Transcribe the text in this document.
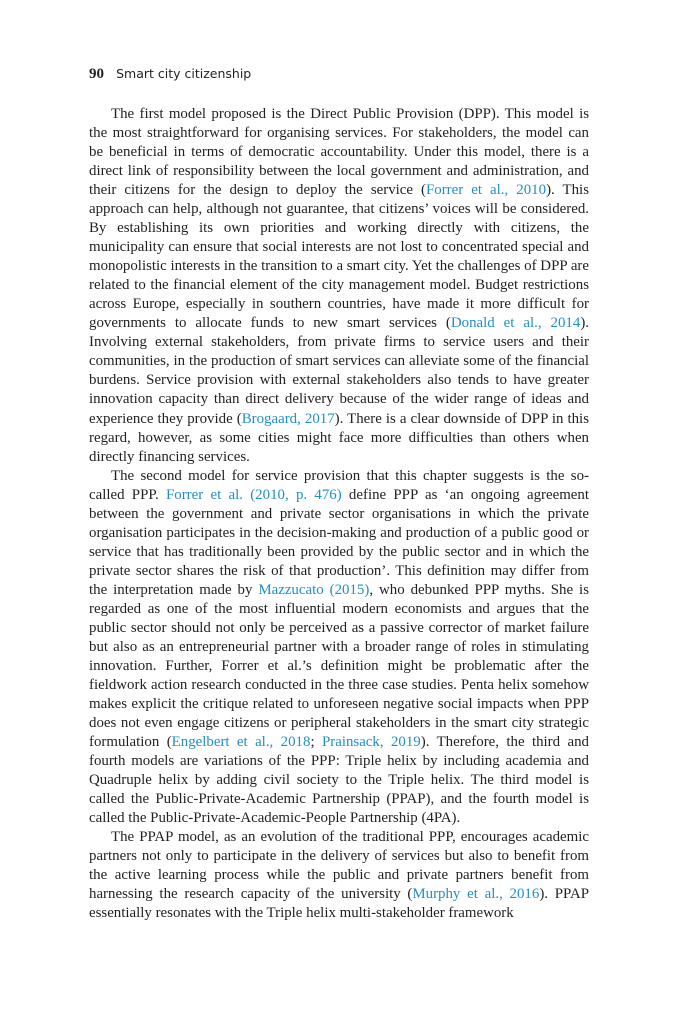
90 Smart city citizenship

The first model proposed is the Direct Public Provision (DPP). This model is the most straightforward for organising services. For stakeholders, the model can be beneficial in terms of democratic accountability. Under this model, there is a direct link of responsibility between the local government and administration, and their citizens for the design to deploy the service (Forrer et al., 2010). This approach can help, although not guarantee, that citizens’ voices will be considered. By establishing its own priorities and working directly with citizens, the municipality can ensure that social interests are not lost to concentrated special and monopolistic interests in the transition to a smart city. Yet the challenges of DPP are related to the financial element of the city management model. Budget restrictions across Europe, especially in southern countries, have made it more difficult for governments to allocate funds to new smart services (Donald et al., 2014). Involving external stakeholders, from private firms to service users and their communities, in the production of smart services can alleviate some of the financial burdens. Service provision with external stakeholders also tends to have greater innovation capacity than direct delivery because of the wider range of ideas and experience they provide (Brogaard, 2017). There is a clear downside of DPP in this regard, however, as some cities might face more difficulties than others when directly financing services.

The second model for service provision that this chapter suggests is the so-called PPP. Forrer et al. (2010, p. 476) define PPP as ‘an ongoing agreement between the government and private sector organisations in which the private organisation participates in the decision-making and production of a public good or service that has traditionally been provided by the public sector and in which the private sector shares the risk of that production’. This definition may differ from the interpretation made by Mazzucato (2015), who debunked PPP myths. She is regarded as one of the most influential modern economists and argues that the public sector should not only be perceived as a passive corrector of market failure but also as an entrepreneurial partner with a broader range of roles in stimulating innovation. Further, Forrer et al.’s definition might be problematic after the fieldwork action research conducted in the three case studies. Penta helix somehow makes explicit the critique related to unforeseen negative social impacts when PPP does not even engage citizens or peripheral stakeholders in the smart city strategic formulation (Engelbert et al., 2018; Prainsack, 2019). Therefore, the third and fourth models are variations of the PPP: Triple helix by including academia and Quadruple helix by adding civil society to the Triple helix. The third model is called the Public-Private-Academic Partnership (PPAP), and the fourth model is called the Public-Private-Academic-People Partnership (4PA).

The PPAP model, as an evolution of the traditional PPP, encourages academic partners not only to participate in the delivery of services but also to benefit from the active learning process while the public and private partners benefit from harnessing the research capacity of the university (Murphy et al., 2016). PPAP essentially resonates with the Triple helix multi-stakeholder framework
